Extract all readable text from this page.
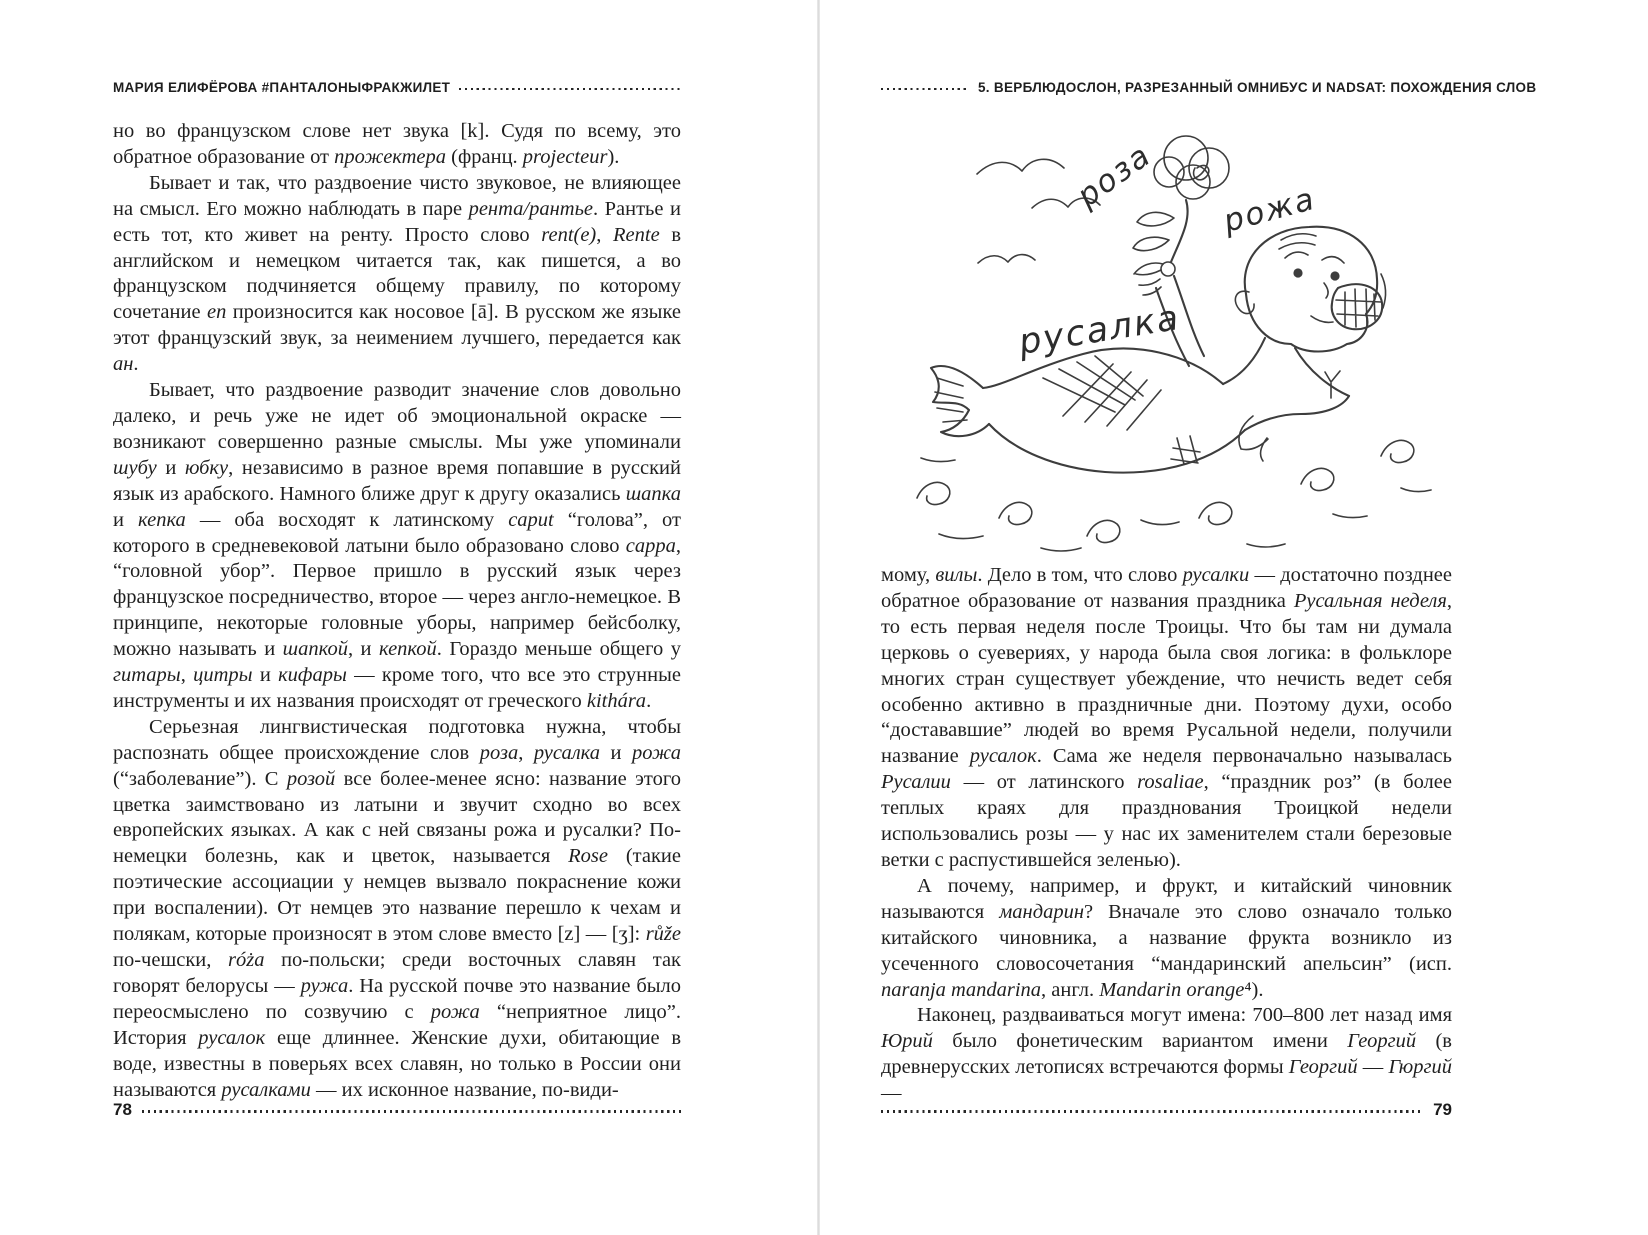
МАРИЯ ЕЛИФЁРОВА #ПАНТАЛОНЫФРАКЖИЛЕТ

но во французском слове нет звука [k]. Судя по всему, это обратное образование от прожектера (франц. projecteur).

Бывает и так, что раздвоение чисто звуковое, не влияющее на смысл. Его можно наблюдать в паре рента/рантье. Рантье и есть тот, кто живет на ренту. Просто слово rent(e), Rente в английском и немецком читается так, как пишется, а во французском подчиняется общему правилу, по которому сочетание en произносится как носовое [ā]. В русском же языке этот французский звук, за неимением лучшего, передается как ан.

Бывает, что раздвоение разводит значение слов довольно далеко, и речь уже не идет об эмоциональной окраске — возникают совершенно разные смыслы. Мы уже упоминали шубу и юбку, независимо в разное время попавшие в русский язык из арабского. Намного ближе друг к другу оказались шапка и кепка — оба восходят к латинскому caput “голова”, от которого в средневековой латыни было образовано слово cappa, “головной убор”. Первое пришло в русский язык через французское посредничество, второе — через англо-немецкое. В принципе, некоторые головные уборы, например бейсболку, можно называть и шапкой, и кепкой. Гораздо меньше общего у гитары, цитры и кифары — кроме того, что все это струнные инструменты и их названия происходят от греческого kithára.

Серьезная лингвистическая подготовка нужна, чтобы распознать общее происхождение слов роза, русалка и рожа (“заболевание”). С розой все более-менее ясно: название этого цветка заимствовано из латыни и звучит сходно во всех европейских языках. А как с ней связаны рожа и русалки? По-немецки болезнь, как и цветок, называется Rose (такие поэтические ассоциации у немцев вызвало покраснение кожи при воспалении). От немцев это название перешло к чехам и полякам, которые произносят в этом слове вместо [z] — [ʒ]: růže по-чешски, róża по-польски; среди восточных славян так говорят белорусы — ружа. На русской почве это название было переосмыслено по созвучию с рожа “неприятное лицо”. История русалок еще длиннее. Женские духи, обитающие в воде, известны в поверьях всех славян, но только в России они называются русалками — их исконное название, по-види-

78
5. ВЕРБЛЮДОСЛОН, РАЗРЕЗАННЫЙ ОМНИБУС И NADSAT: ПОХОЖДЕНИЯ СЛОВ
роза рожа
русалка

мому, вилы. Дело в том, что слово русалки — достаточно позднее обратное образование от названия праздника Русальная неделя, то есть первая неделя после Троицы. Что бы там ни думала церковь о суевериях, у народа была своя логика: в фольклоре многих стран существует убеждение, что нечисть ведет себя особенно активно в праздничные дни. Поэтому духи, особо “достававшие” людей во время Русальной недели, получили название русалок. Сама же неделя первоначально называлась Русалии — от латинского rosaliae, “праздник роз” (в более теплых краях для празднования Троицкой недели использовались розы — у нас их заменителем стали березовые ветки с распустившейся зеленью).

А почему, например, и фрукт, и китайский чиновник называются мандарин? Вначале это слово означало только китайского чиновника, а название фрукта возникло из усеченного словосочетания “мандаринский апельсин” (исп. naranja mandarina, англ. Mandarin orange⁴).

Наконец, раздваиваться могут имена: 700–800 лет назад имя Юрий было фонетическим вариантом имени Георгий (в древнерусских летописях встречаются формы Георгий — Гюргий —

79
